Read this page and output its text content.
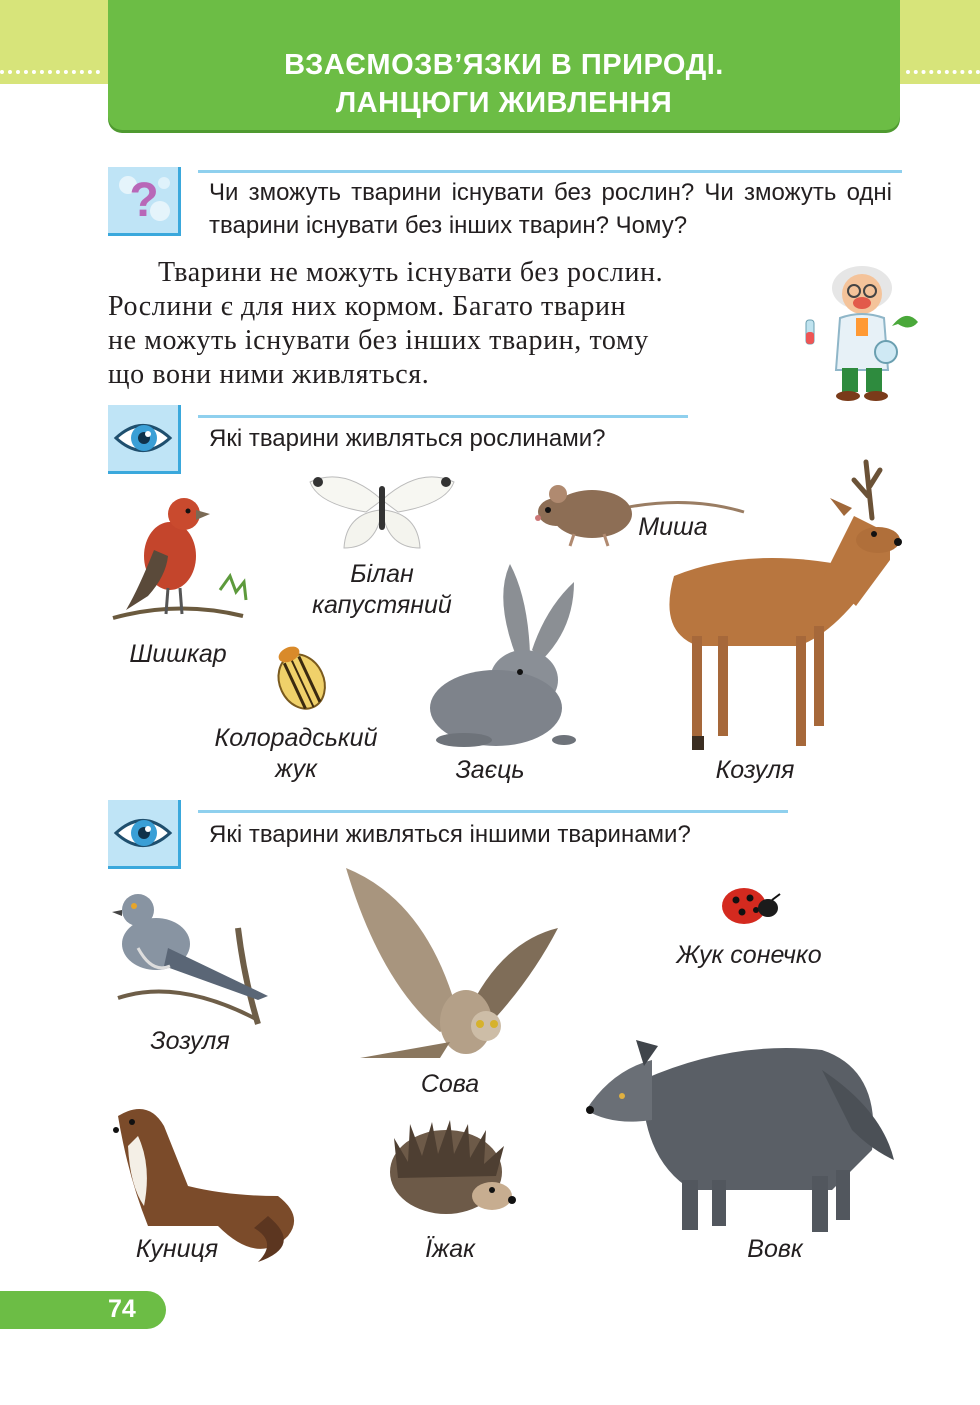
ВЗАЄМОЗВ’ЯЗКИ В ПРИРОДІ.
ЛАНЦЮГИ ЖИВЛЕННЯ
? Чи зможуть тварини існувати без рослин? Чи зможуть одні тварини існувати без інших тварин? Чому?
Тварини не можуть існувати без рослин.
Рослини є для них кормом. Багато тварин
не можуть існувати без інших тварин, тому
що вони ними живляться.
Які тварини живляться рослинами?
Шишкар
Білан
капустяний
Миша
Колорадський
жук	Заєць	Козуля
Які тварини живляться іншими тваринами?
Зозуля
Сова
Жук сонечко
Вовк
Куниця	Їжак
74
